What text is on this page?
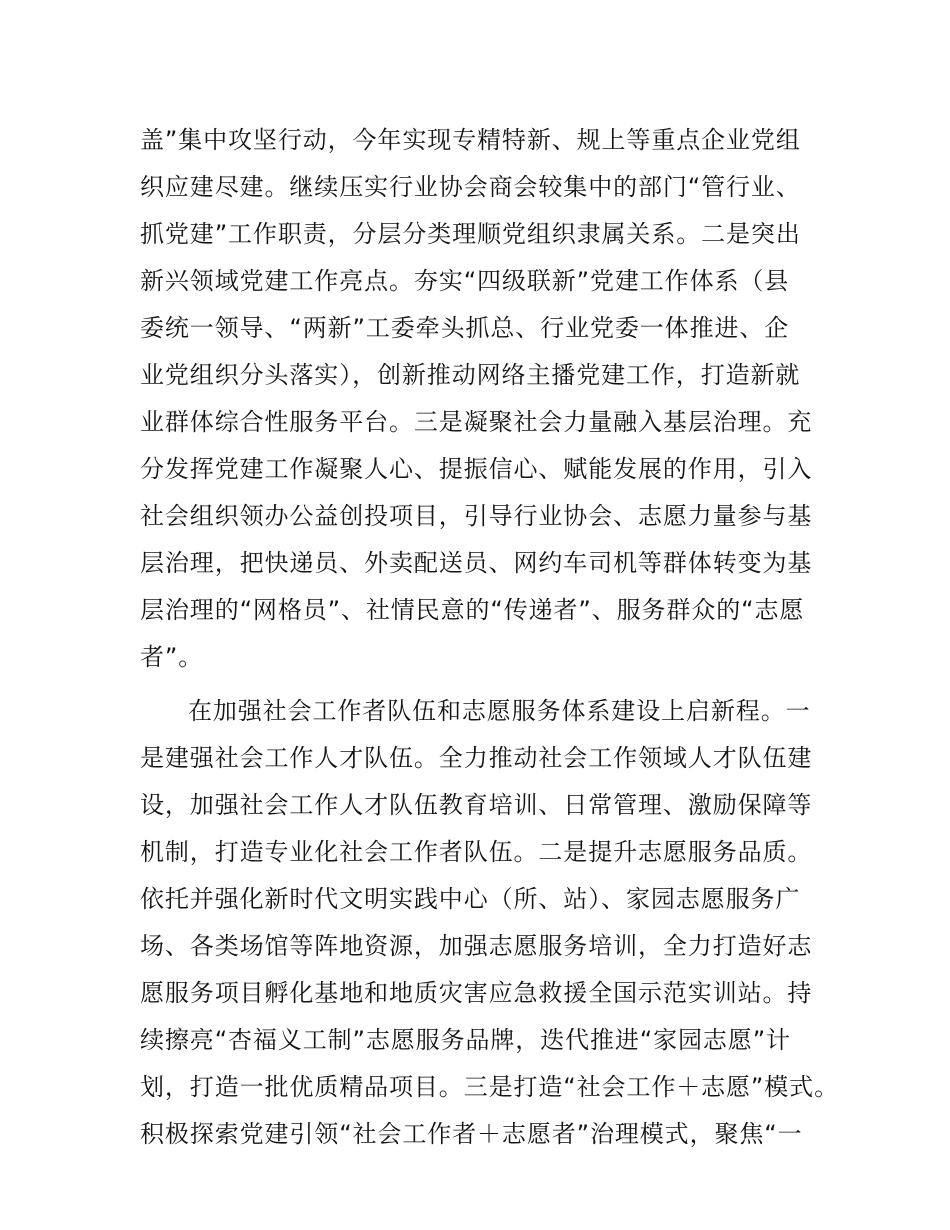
盖”集中攻坚行动，今年实现专精特新、规上等重点企业党组
织应建尽建。继续压实行业协会商会较集中的部门“管行业、
抓党建”工作职责，分层分类理顺党组织隶属关系。二是突出
新兴领域党建工作亮点。夯实“四级联新”党建工作体系（县
委统一领导、“两新”工委牵头抓总、行业党委一体推进、企
业党组织分头落实），创新推动网络主播党建工作，打造新就
业群体综合性服务平台。三是凝聚社会力量融入基层治理。充
分发挥党建工作凝聚人心、提振信心、赋能发展的作用，引入
社会组织领办公益创投项目，引导行业协会、志愿力量参与基
层治理，把快递员、外卖配送员、网约车司机等群体转变为基
层治理的“网格员”、社情民意的“传递者”、服务群众的“志愿
者”。
在加强社会工作者队伍和志愿服务体系建设上启新程。一
是建强社会工作人才队伍。全力推动社会工作领域人才队伍建
设，加强社会工作人才队伍教育培训、日常管理、激励保障等
机制，打造专业化社会工作者队伍。二是提升志愿服务品质。
依托并强化新时代文明实践中心（所、站）、家园志愿服务广
场、各类场馆等阵地资源，加强志愿服务培训，全力打造好志
愿服务项目孵化基地和地质灾害应急救援全国示范实训站。持
续擦亮“杏福义工制”志愿服务品牌，迭代推进“家园志愿”计
划，打造一批优质精品项目。三是打造“社会工作＋志愿”模式。
积极探索党建引领“社会工作者＋志愿者”治理模式，聚焦“一
